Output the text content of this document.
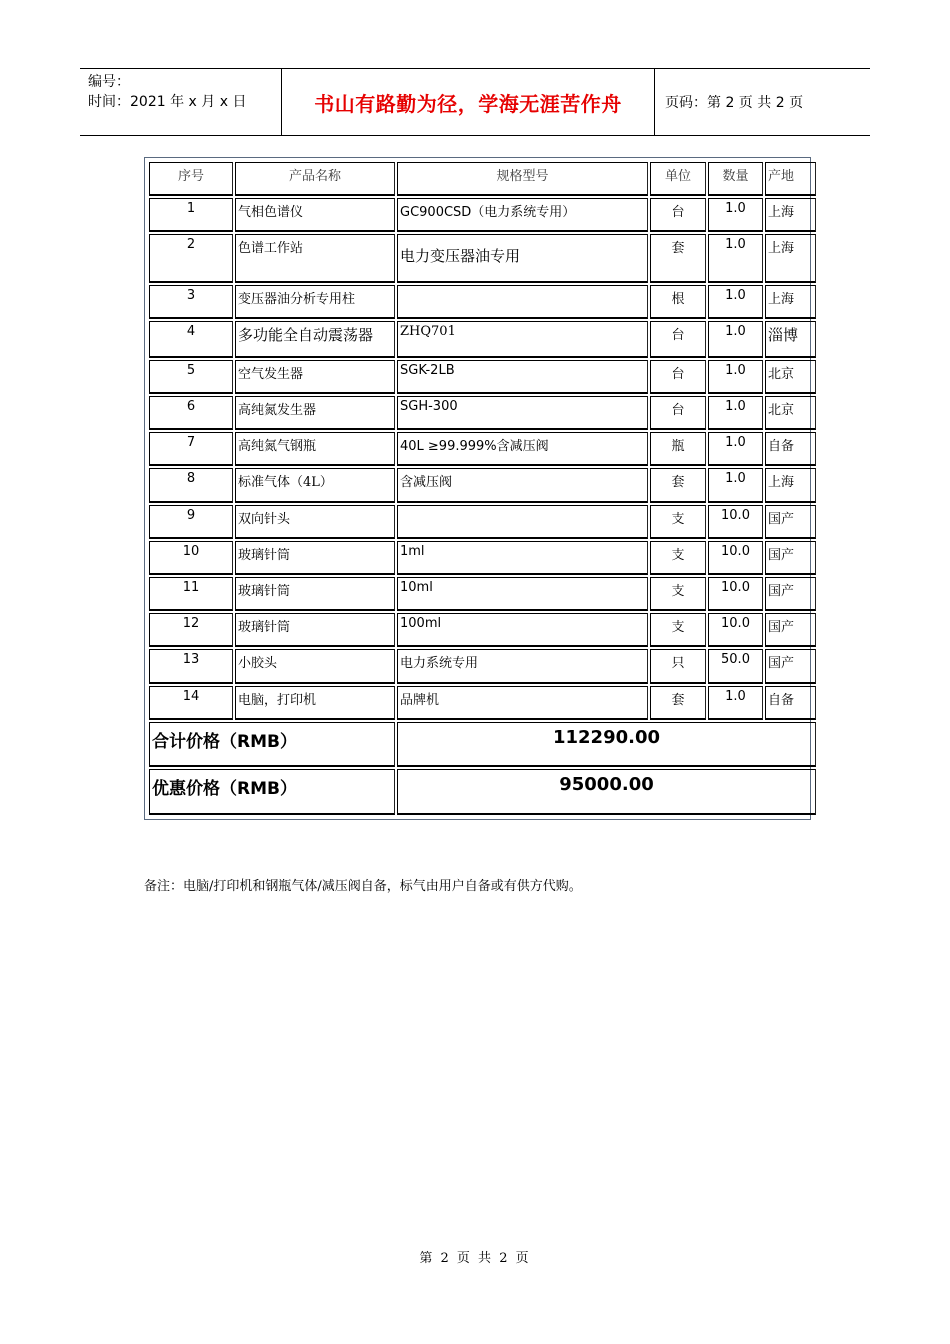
编号：
时间：2021 年 x 月 x 日	书山有路勤为径，学海无涯苦作舟	页码：第 2 页 共 2 页
序号	产品名称	规格型号	单位	数量	产地
1	气相色谱仪	GC900CSD（电力系统专用）	台	1.0	上海
2	色谱工作站	电力变压器油专用	套	1.0	上海
3	变压器油分析专用柱		根	1.0	上海
4	多功能全自动震荡器	ZHQ701	台	1.0	淄博
5	空气发生器	SGK-2LB	台	1.0	北京
6	高纯氮发生器	SGH-300	台	1.0	北京
7	高纯氮气钢瓶	40L ≥99.999%含减压阀	瓶	1.0	自备
8	标准气体（4L）	含减压阀	套	1.0	上海
9	双向针头		支	10.0	国产
10	玻璃针筒	1ml	支	10.0	国产
11	玻璃针筒	10ml	支	10.0	国产
12	玻璃针筒	100ml	支	10.0	国产
13	小胶头	电力系统专用	只	50.0	国产
14	电脑，打印机	品牌机	套	1.0	自备
合计价格（RMB）		112290.00			
优惠价格（RMB）		95000.00			
备注：电脑/打印机和钢瓶气体/减压阀自备，标气由用户自备或有供方代购。
第 2 页 共 2 页
